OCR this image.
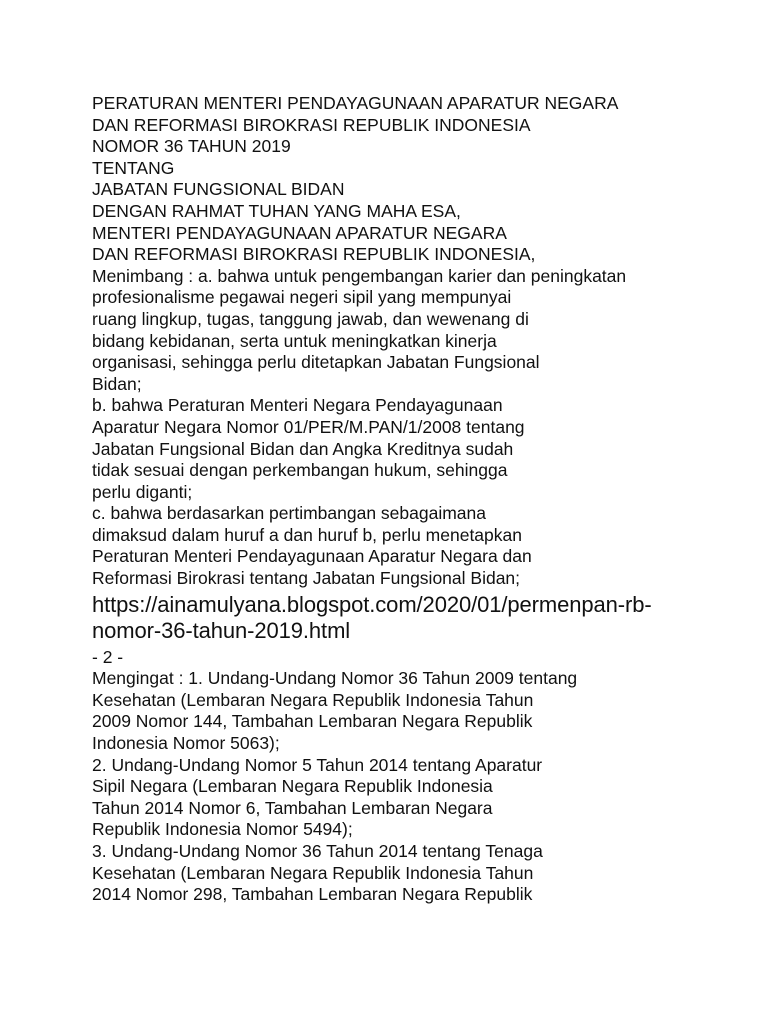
PERATURAN MENTERI PENDAYAGUNAAN APARATUR NEGARA
DAN REFORMASI BIROKRASI REPUBLIK INDONESIA
NOMOR 36 TAHUN 2019
TENTANG
JABATAN FUNGSIONAL BIDAN
DENGAN RAHMAT TUHAN YANG MAHA ESA,
MENTERI PENDAYAGUNAAN APARATUR NEGARA
DAN REFORMASI BIROKRASI REPUBLIK INDONESIA,
Menimbang : a. bahwa untuk pengembangan karier dan peningkatan
profesionalisme pegawai negeri sipil yang mempunyai
ruang lingkup, tugas, tanggung jawab, dan wewenang di
bidang kebidanan, serta untuk meningkatkan kinerja
organisasi, sehingga perlu ditetapkan Jabatan Fungsional
Bidan;
b. bahwa Peraturan Menteri Negara Pendayagunaan
Aparatur Negara Nomor 01/PER/M.PAN/1/2008 tentang
Jabatan Fungsional Bidan dan Angka Kreditnya sudah
tidak sesuai dengan perkembangan hukum, sehingga
perlu diganti;
c. bahwa berdasarkan pertimbangan sebagaimana
dimaksud dalam huruf a dan huruf b, perlu menetapkan
Peraturan Menteri Pendayagunaan Aparatur Negara dan
Reformasi Birokrasi tentang Jabatan Fungsional Bidan;
https://ainamulyana.blogspot.com/2020/01/permenpan-rb-
nomor-36-tahun-2019.html
- 2 -
Mengingat : 1. Undang-Undang Nomor 36 Tahun 2009 tentang
Kesehatan (Lembaran Negara Republik Indonesia Tahun
2009 Nomor 144, Tambahan Lembaran Negara Republik
Indonesia Nomor 5063);
2. Undang-Undang Nomor 5 Tahun 2014 tentang Aparatur
Sipil Negara (Lembaran Negara Republik Indonesia
Tahun 2014 Nomor 6, Tambahan Lembaran Negara
Republik Indonesia Nomor 5494);
3. Undang-Undang Nomor 36 Tahun 2014 tentang Tenaga
Kesehatan (Lembaran Negara Republik Indonesia Tahun
2014 Nomor 298, Tambahan Lembaran Negara Republik
